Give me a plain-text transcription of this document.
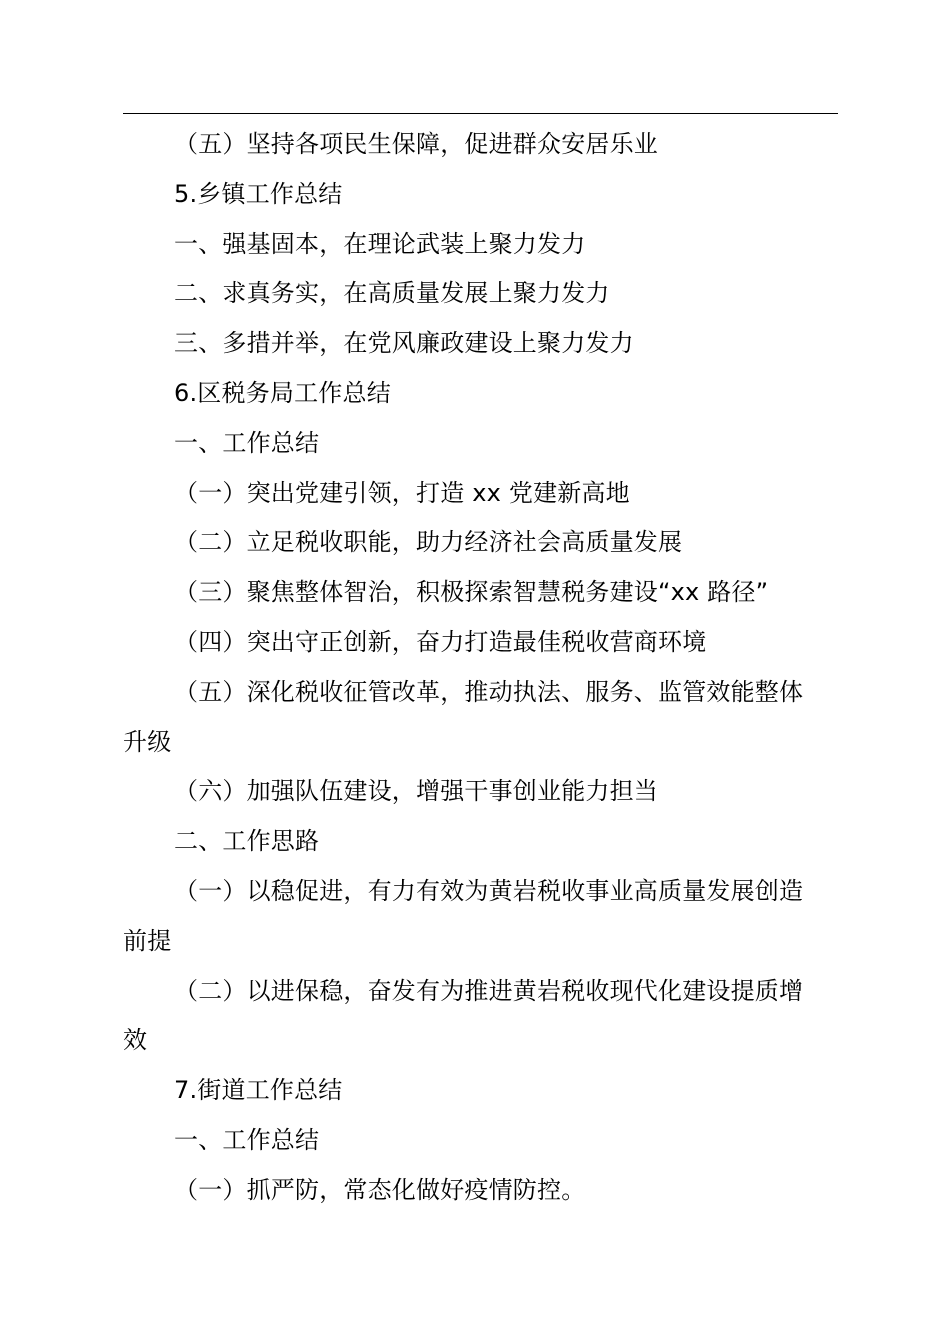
（五）坚持各项民生保障，促进群众安居乐业
5.乡镇工作总结
一、强基固本，在理论武装上聚力发力
二、求真务实，在高质量发展上聚力发力
三、多措并举，在党风廉政建设上聚力发力
6.区税务局工作总结
一、工作总结
（一）突出党建引领，打造 xx 党建新高地
（二）立足税收职能，助力经济社会高质量发展
（三）聚焦整体智治，积极探索智慧税务建设“xx 路径”
（四）突出守正创新，奋力打造最佳税收营商环境
（五）深化税收征管改革，推动执法、服务、监管效能整体
升级
（六）加强队伍建设，增强干事创业能力担当
二、工作思路
（一）以稳促进，有力有效为黄岩税收事业高质量发展创造
前提
（二）以进保稳，奋发有为推进黄岩税收现代化建设提质增
效
7.街道工作总结
一、工作总结
（一）抓严防，常态化做好疫情防控。
